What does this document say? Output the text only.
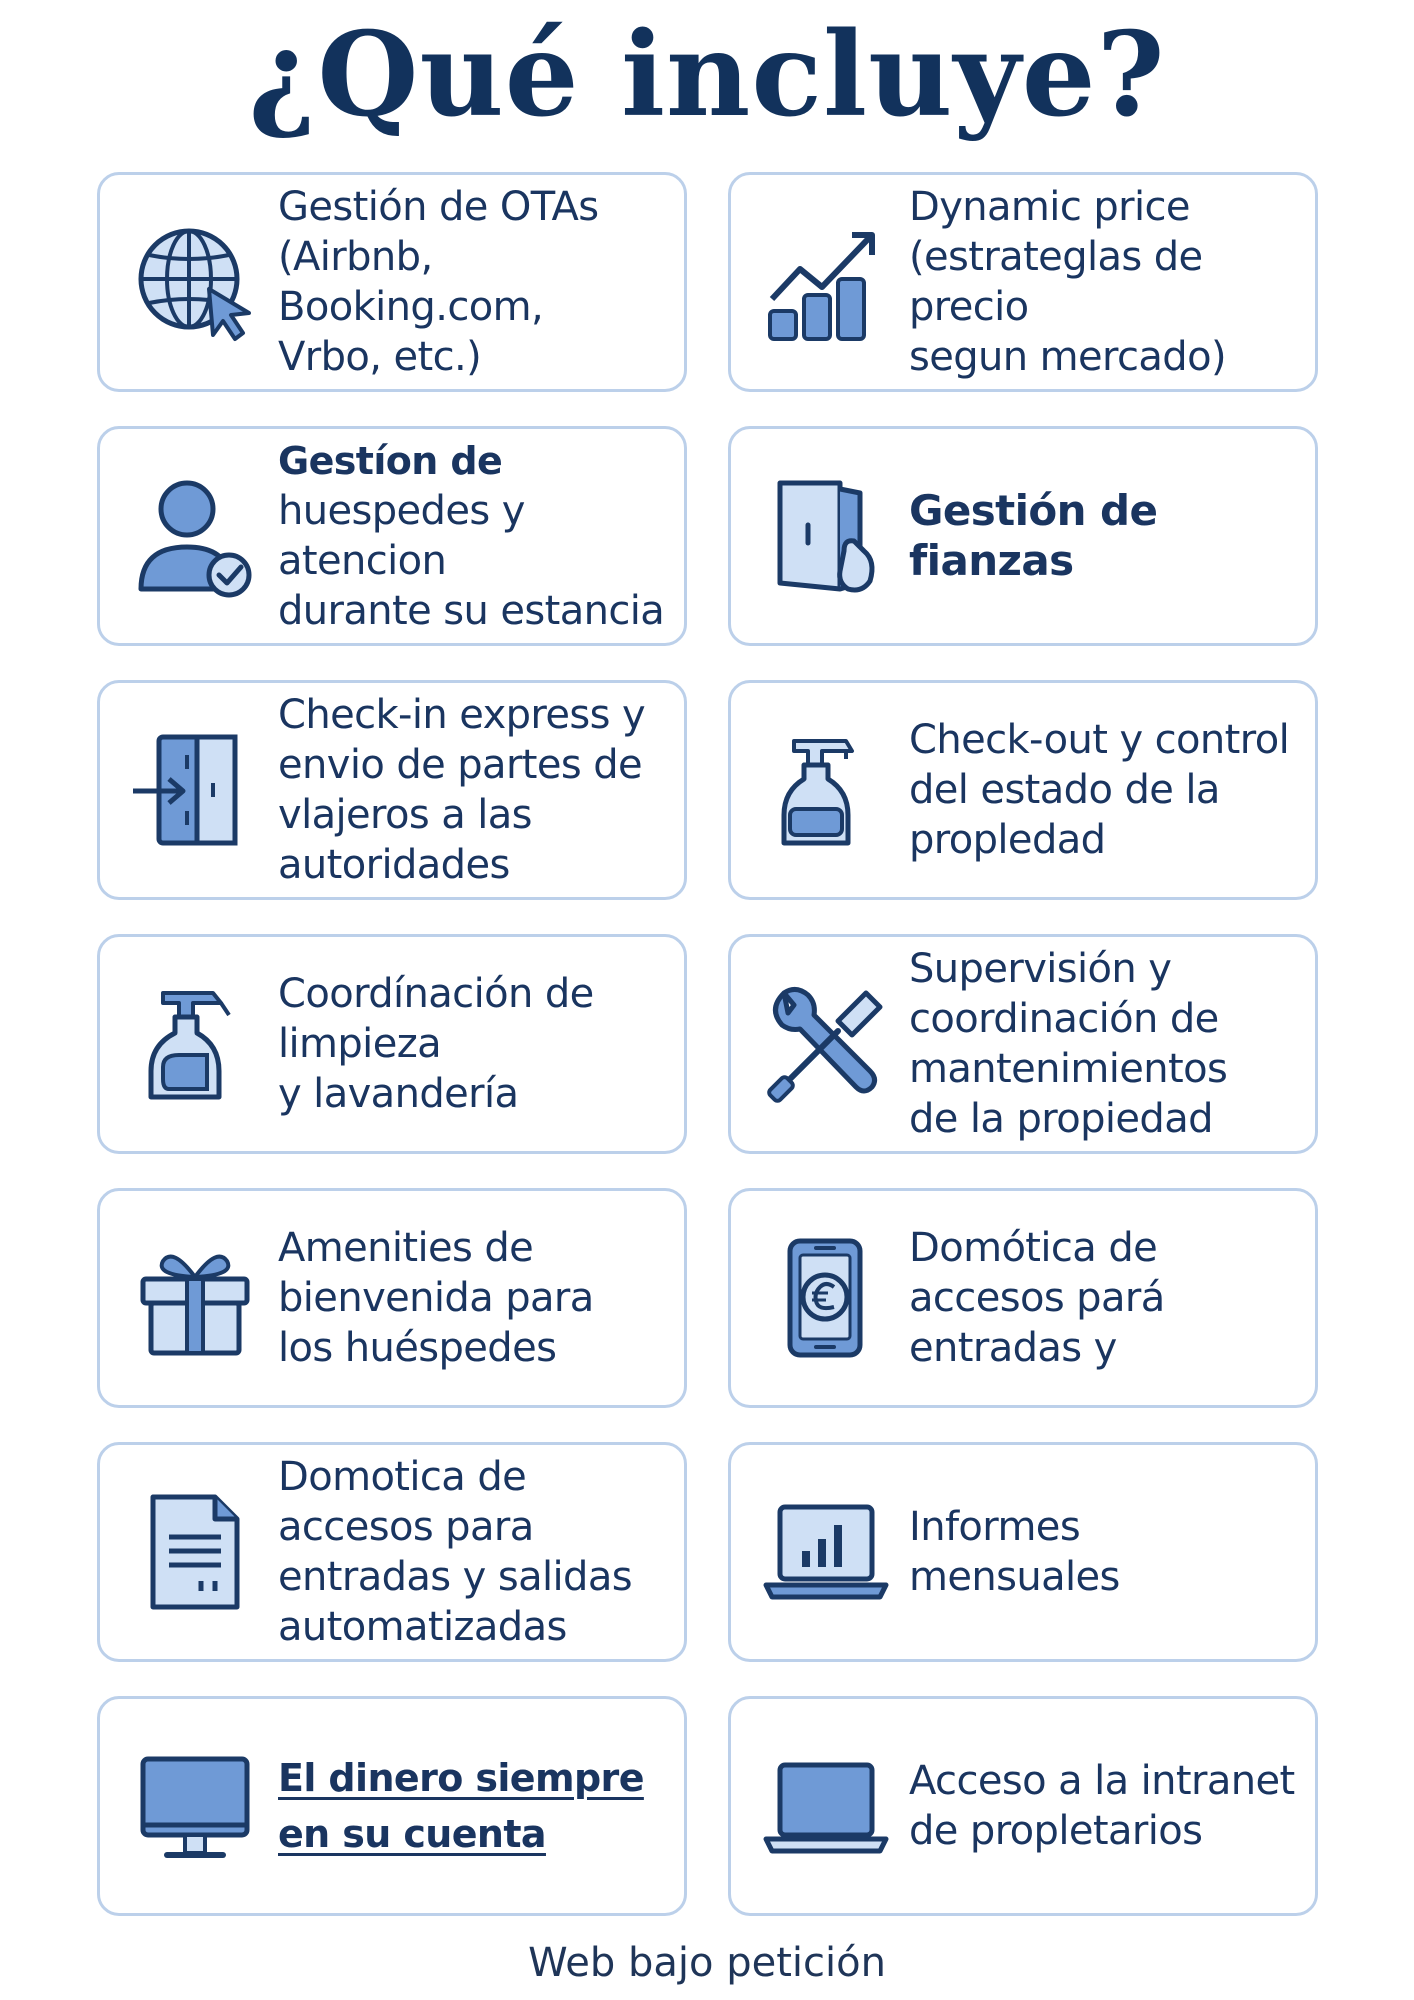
¿Qué incluye?
Gestión de OTAs
(Airbnb, Booking.com,
Vrbo, etc.)
Dynamic price
(estrateglas de precio
segun mercado)
Gestíon de
huespedes y atencion
durante su estancia
Gestión de fianzas
Check-in express y
envio de partes de
vlajeros a las
autoridades
Check-out y control
del estado de la
propledad
Coordínación de
limpieza
y lavandería
Supervisión y
coordinación de
mantenimientos
de la propiedad
Amenities de
bienvenida para
los huéspedes
Domótica de
accesos pará
entradas y
Domotica de
accesos para
entradas y salidas
automatizadas
Informes
mensuales
El dinero siempre
en su cuenta
Acceso a la intranet
de propletarios
Web bajo petición
